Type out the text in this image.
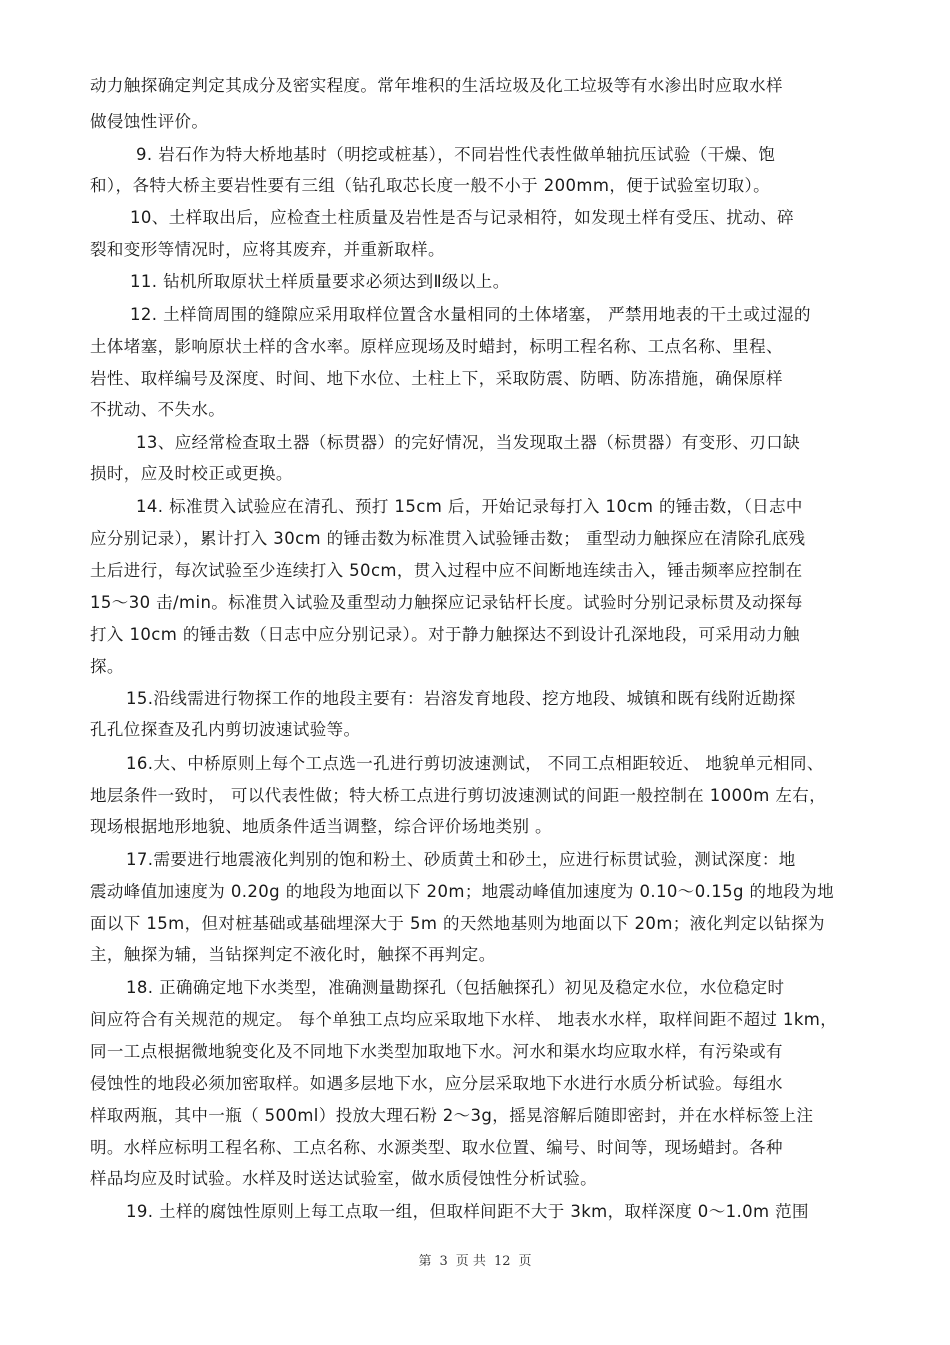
动力触探确定判定其成分及密实程度。常年堆积的生活垃圾及化工垃圾等有水渗出时应取水样
做侵蚀性评价。
9. 岩石作为特大桥地基时（明挖或桩基），不同岩性代表性做单轴抗压试验（干燥、饱
和），各特大桥主要岩性要有三组（钻孔取芯长度一般不小于 200mm，便于试验室切取）。
10、土样取出后，应检查土柱质量及岩性是否与记录相符，如发现土样有受压、扰动、碎
裂和变形等情况时，应将其废弃，并重新取样。
11. 钻机所取原状土样质量要求必须达到Ⅱ级以上。
12. 土样筒周围的缝隙应采用取样位置含水量相同的土体堵塞， 严禁用地表的干土或过湿的
土体堵塞，影响原状土样的含水率。原样应现场及时蜡封，标明工程名称、工点名称、里程、
岩性、取样编号及深度、时间、地下水位、土柱上下，采取防震、防晒、防冻措施，确保原样
不扰动、不失水。
13、应经常检查取土器（标贯器）的完好情况，当发现取土器（标贯器）有变形、刃口缺
损时，应及时校正或更换。
14. 标准贯入试验应在清孔、预打 15cm 后，开始记录每打入 10cm 的锤击数，（日志中
应分别记录），累计打入 30cm 的锤击数为标准贯入试验锤击数； 重型动力触探应在清除孔底残
土后进行，每次试验至少连续打入 50cm，贯入过程中应不间断地连续击入，锤击频率应控制在
15～30 击/min。标准贯入试验及重型动力触探应记录钻杆长度。试验时分别记录标贯及动探每
打入 10cm 的锤击数（日志中应分别记录）。对于静力触探达不到设计孔深地段，可采用动力触
探。
15.沿线需进行物探工作的地段主要有：岩溶发育地段、挖方地段、城镇和既有线附近勘探
孔孔位探查及孔内剪切波速试验等。
16.大、中桥原则上每个工点选一孔进行剪切波速测试， 不同工点相距较近、 地貌单元相同、
地层条件一致时， 可以代表性做；特大桥工点进行剪切波速测试的间距一般控制在 1000m 左右，
现场根据地形地貌、地质条件适当调整，综合评价场地类别 。
17.需要进行地震液化判别的饱和粉土、砂质黄土和砂土，应进行标贯试验，测试深度：地
震动峰值加速度为 0.20g 的地段为地面以下 20m；地震动峰值加速度为 0.10～0.15g 的地段为地
面以下 15m，但对桩基础或基础埋深大于 5m 的天然地基则为地面以下 20m；液化判定以钻探为
主，触探为辅，当钻探判定不液化时，触探不再判定。
18. 正确确定地下水类型，准确测量勘探孔（包括触探孔）初见及稳定水位，水位稳定时
间应符合有关规范的规定。 每个单独工点均应采取地下水样、 地表水水样，取样间距不超过 1km，
同一工点根据微地貌变化及不同地下水类型加取地下水。河水和渠水均应取水样，有污染或有
侵蚀性的地段必须加密取样。如遇多层地下水，应分层采取地下水进行水质分析试验。每组水
样取两瓶，其中一瓶（ 500ml）投放大理石粉 2～3g，摇晃溶解后随即密封，并在水样标签上注
明。水样应标明工程名称、工点名称、水源类型、取水位置、编号、时间等，现场蜡封。各种
样品均应及时试验。水样及时送达试验室，做水质侵蚀性分析试验。
19. 土样的腐蚀性原则上每工点取一组，但取样间距不大于 3km，取样深度 0～1.0m 范围
第 3 页 共 12 页
